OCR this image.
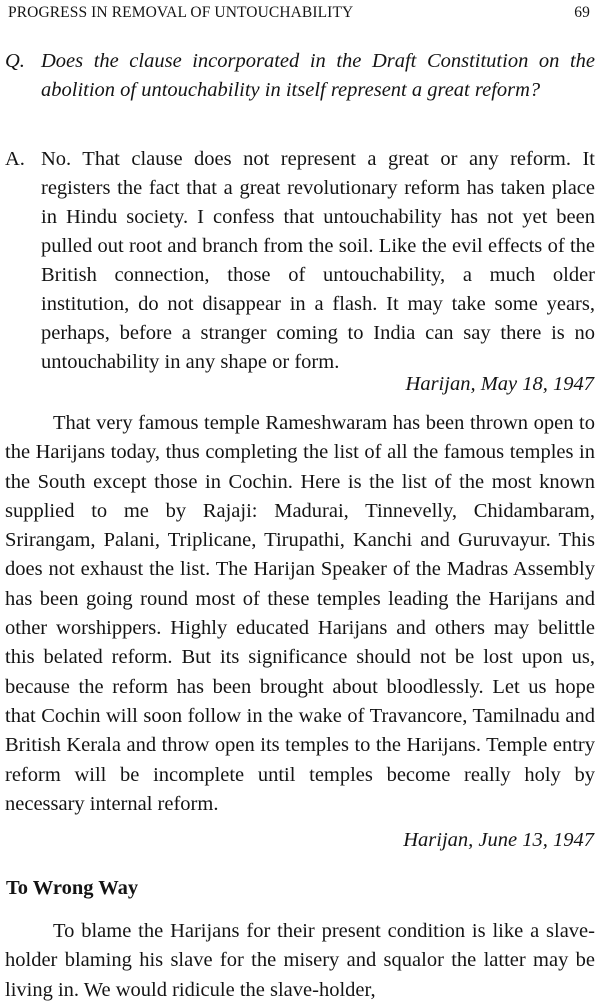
PROGRESS IN REMOVAL OF UNTOUCHABILITY	69
Q. Does the clause incorporated in the Draft Constitution on the abolition of untouchability in itself represent a great reform?
A. No. That clause does not represent a great or any reform. It registers the fact that a great revolutionary reform has taken place in Hindu society. I confess that untouchability has not yet been pulled out root and branch from the soil. Like the evil effects of the British connection, those of untouchability, a much older institution, do not disappear in a flash. It may take some years, perhaps, before a stranger coming to India can say there is no untouchability in any shape or form.
Harijan, May 18, 1947

That very famous temple Rameshwaram has been thrown open to the Harijans today, thus completing the list of all the famous temples in the South except those in Cochin. Here is the list of the most known supplied to me by Rajaji: Madurai, Tinnevelly, Chidambaram, Srirangam, Palani, Triplicane, Tirupathi, Kanchi and Guruvayur. This does not exhaust the list. The Harijan Speaker of the Madras Assembly has been going round most of these temples leading the Harijans and other worshippers. Highly educated Harijans and others may belittle this belated reform. But its significance should not be lost upon us, because the reform has been brought about bloodlessly. Let us hope that Cochin will soon follow in the wake of Travancore, Tamilnadu and British Kerala and throw open its temples to the Harijans. Temple entry reform will be incomplete until temples become really holy by necessary internal reform.

Harijan, June 13, 1947
To Wrong Way

To blame the Harijans for their present condition is like a slave-holder blaming his slave for the misery and squalor the latter may be living in. We would ridicule the slave-holder,
